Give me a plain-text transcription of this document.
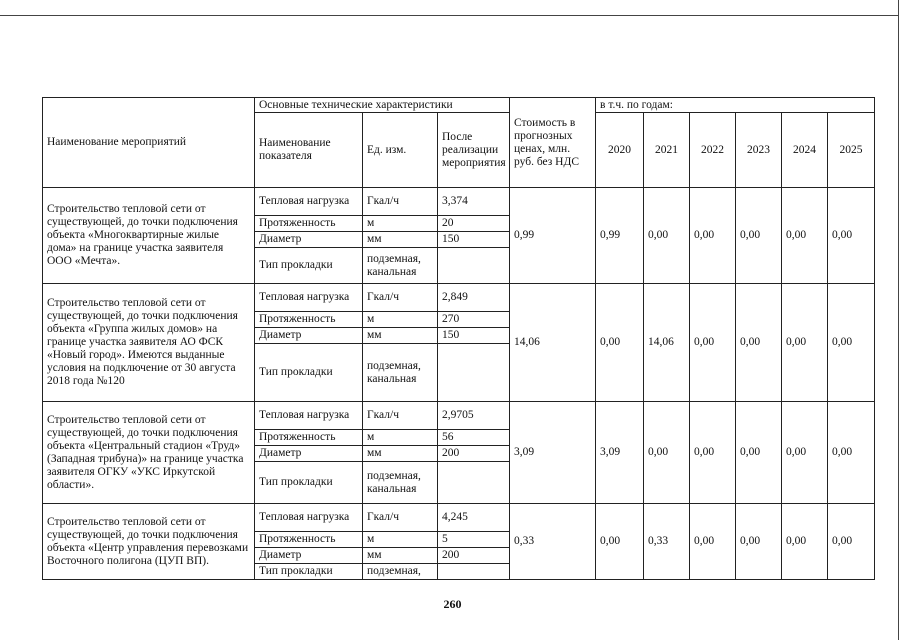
Наименование мероприятий	Основные технические характеристики			Стоимость в прогнозных ценах, млн. руб. без НДС	в т.ч. по годам:					
	Наименование показателя	Ед. изм.	После реализации мероприятия		2020	2021	2022	2023	2024	2025
Строительство тепловой сети от существующей, до точки подключения объекта «Многоквартирные жилые дома» на границе участка заявителя ООО «Мечта».	Тепловая нагрузка	Гкал/ч	3,374	0,99	0,99	0,00	0,00	0,00	0,00	0,00
	Протяженность	м	20							
	Диаметр	мм	150							
	Тип прокладки	подземная, канальная								
Строительство тепловой сети от существующей, до точки подключения объекта «Группа жилых домов» на границе участка заявителя АО ФСК «Новый город». Имеются выданные условия на подключение от 30 августа 2018 года №120	Тепловая нагрузка	Гкал/ч	2,849	14,06	0,00	14,06	0,00	0,00	0,00	0,00
	Протяженность	м	270							
	Диаметр	мм	150							
	Тип прокладки	подземная, канальная								
Строительство тепловой сети от существующей, до точки подключения объекта «Центральный стадион «Труд» (Западная трибуна)» на границе участка заявителя ОГКУ «УКС Иркутской области».	Тепловая нагрузка	Гкал/ч	2,9705	3,09	3,09	0,00	0,00	0,00	0,00	0,00
	Протяженность	м	56							
	Диаметр	мм	200							
	Тип прокладки	подземная, канальная								
Строительство тепловой сети от существующей, до точки подключения объекта «Центр управления перевозками Восточного полигона (ЦУП ВП).	Тепловая нагрузка	Гкал/ч	4,245	0,33	0,00	0,33	0,00	0,00	0,00	0,00
	Протяженность	м	5							
	Диаметр	мм	200							
	Тип прокладки	подземная,								
260
